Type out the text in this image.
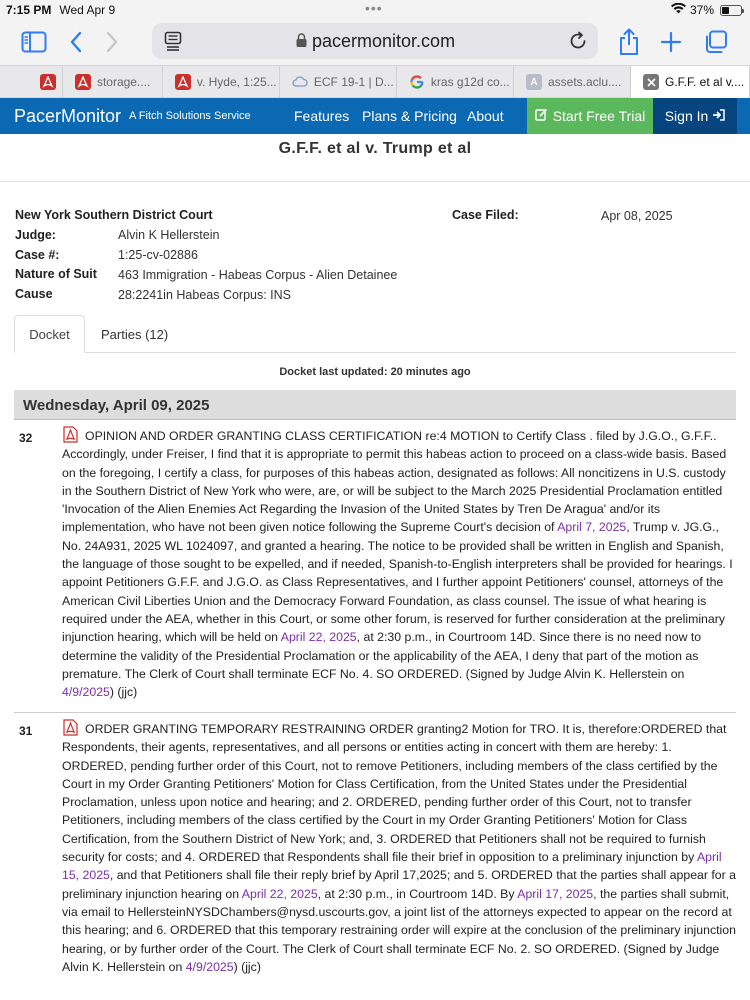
7:15 PM Wed Apr 9	•••	37%
pacermonitor.com
storage....	v. Hyde, 1:25...	ECF 19-1 | D...	kras g12d co...	A assets.aclu....	G.F.F. et al v....
PacerMonitor A Fitch Solutions Service	Features Plans & Pricing About	Start Free Trial Sign In
G.F.F. et al v. Trump et al
New York Southern District Court
Judge:	Alvin K Hellerstein
Case #:	1:25-cv-02886
Nature of Suit 463 Immigration - Habeas Corpus - Alien Detainee
Cause	28:2241in Habeas Corpus: INS
Case Filed:	Apr 08, 2025
Docket	Parties (12)
Docket last updated: 20 minutes ago
Wednesday, April 09, 2025
32	OPINION AND ORDER GRANTING CLASS CERTIFICATION re:4 MOTION to Certify Class . filed by J.G.O., G.F.F.. Accordingly, under Freiser, I find that it is appropriate to permit this habeas action to proceed on a class-wide basis. Based on the foregoing, I certify a class, for purposes of this habeas action, designated as follows: All noncitizens in U.S. custody in the Southern District of New York who were, are, or will be subject to the March 2025 Presidential Proclamation entitled 'Invocation of the Alien Enemies Act Regarding the Invasion of the United States by Tren De Aragua' and/or its implementation, who have not been given notice following the Supreme Court's decision of April 7, 2025, Trump v. JG.G., No. 24A931, 2025 WL 1024097, and granted a hearing. The notice to be provided shall be written in English and Spanish, the language of those sought to be expelled, and if needed, Spanish-to-English interpreters shall be provided for hearings. I appoint Petitioners G.F.F. and J.G.O. as Class Representatives, and I further appoint Petitioners' counsel, attorneys of the American Civil Liberties Union and the Democracy Forward Foundation, as class counsel. The issue of what hearing is required under the AEA, whether in this Court, or some other forum, is reserved for further consideration at the preliminary injunction hearing, which will be held on April 22, 2025, at 2:30 p.m., in Courtroom 14D. Since there is no need now to determine the validity of the Presidential Proclamation or the applicability of the AEA, I deny that part of the motion as premature. The Clerk of Court shall terminate ECF No. 4. SO ORDERED. (Signed by Judge Alvin K. Hellerstein on 4/9/2025) (jjc)
31	ORDER GRANTING TEMPORARY RESTRAINING ORDER granting2 Motion for TRO. It is, therefore:ORDERED that Respondents, their agents, representatives, and all persons or entities acting in concert with them are hereby: 1. ORDERED, pending further order of this Court, not to remove Petitioners, including members of the class certified by the Court in my Order Granting Petitioners' Motion for Class Certification, from the United States under the Presidential Proclamation, unless upon notice and hearing; and 2. ORDERED, pending further order of this Court, not to transfer Petitioners, including members of the class certified by the Court in my Order Granting Petitioners' Motion for Class Certification, from the Southern District of New York; and, 3. ORDERED that Petitioners shall not be required to furnish security for costs; and 4. ORDERED that Respondents shall file their brief in opposition to a preliminary injunction by April 15, 2025, and that Petitioners shall file their reply brief by April 17,2025; and 5. ORDERED that the parties shall appear for a preliminary injunction hearing on April 22, 2025, at 2:30 p.m., in Courtroom 14D. By April 17, 2025, the parties shall submit, via email to HellersteinNYSDChambers@nysd.uscourts.gov, a joint list of the attorneys expected to appear on the record at this hearing; and 6. ORDERED that this temporary restraining order will expire at the conclusion of the preliminary injunction hearing, or by further order of the Court. The Clerk of Court shall terminate ECF No. 2. SO ORDERED. (Signed by Judge Alvin K. Hellerstein on 4/9/2025) (jjc)
